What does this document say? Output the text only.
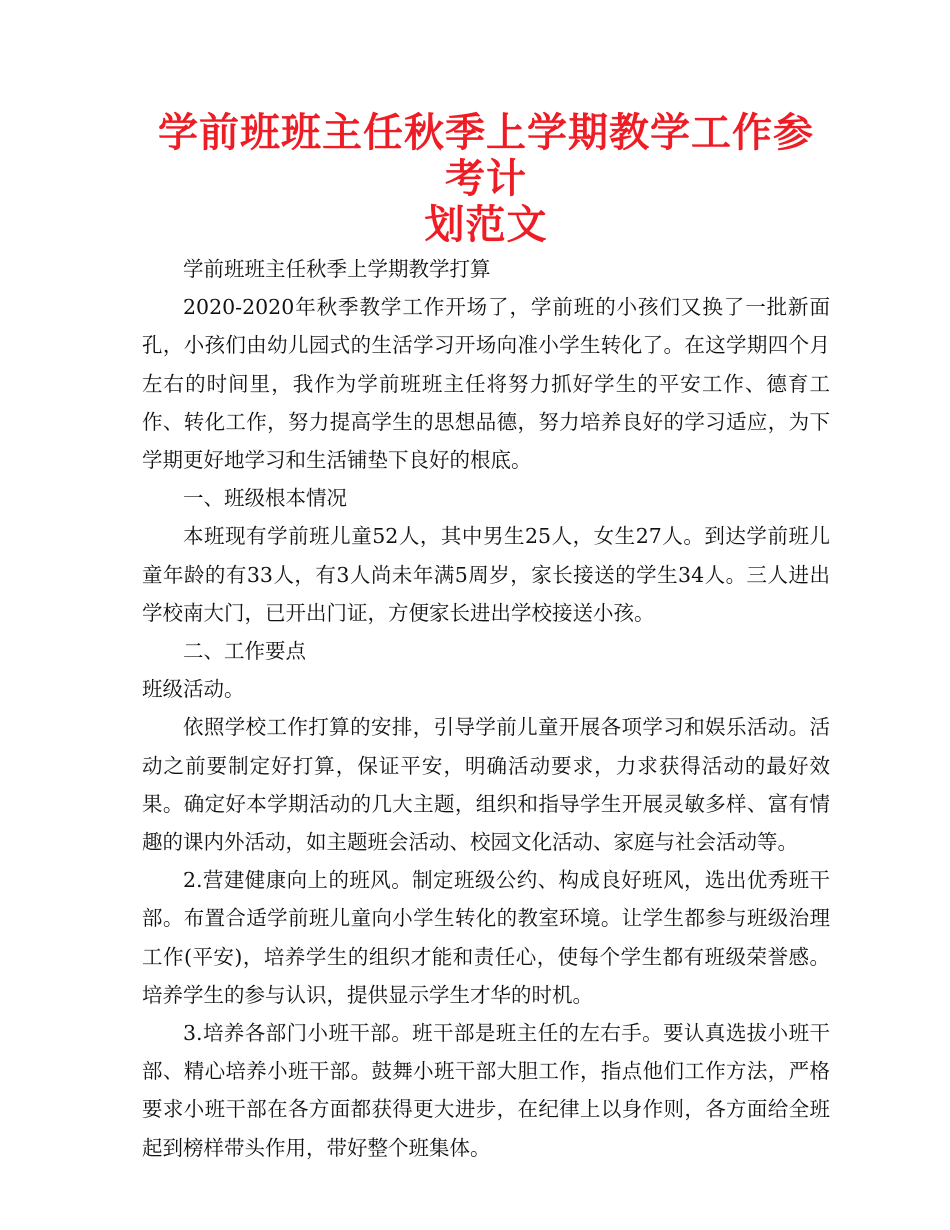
学前班班主任秋季上学期教学工作参考计
划范文

学前班班主任秋季上学期教学打算

2020-2020年秋季教学工作开场了，学前班的小孩们又换了一批新面孔，小孩们由幼儿园式的生活学习开场向准小学生转化了。在这学期四个月左右的时间里，我作为学前班班主任将努力抓好学生的平安工作、德育工作、转化工作，努力提高学生的思想品德，努力培养良好的学习适应，为下学期更好地学习和生活铺垫下良好的根底。

一、班级根本情况

本班现有学前班儿童52人，其中男生25人，女生27人。到达学前班儿童年龄的有33人，有3人尚未年满5周岁，家长接送的学生34人。三人进出学校南大门，已开出门证，方便家长进出学校接送小孩。

二、工作要点

班级活动。

依照学校工作打算的安排，引导学前儿童开展各项学习和娱乐活动。活动之前要制定好打算，保证平安，明确活动要求，力求获得活动的最好效果。确定好本学期活动的几大主题，组织和指导学生开展灵敏多样、富有情趣的课内外活动，如主题班会活动、校园文化活动、家庭与社会活动等。

2.营建健康向上的班风。制定班级公约、构成良好班风，选出优秀班干部。布置合适学前班儿童向小学生转化的教室环境。让学生都参与班级治理工作(平安)，培养学生的组织才能和责任心，使每个学生都有班级荣誉感。培养学生的参与认识，提供显示学生才华的时机。

3.培养各部门小班干部。班干部是班主任的左右手。要认真选拔小班干部、精心培养小班干部。鼓舞小班干部大胆工作，指点他们工作方法，严格要求小班干部在各方面都获得更大进步，在纪律上以身作则，各方面给全班起到榜样带头作用，带好整个班集体。
